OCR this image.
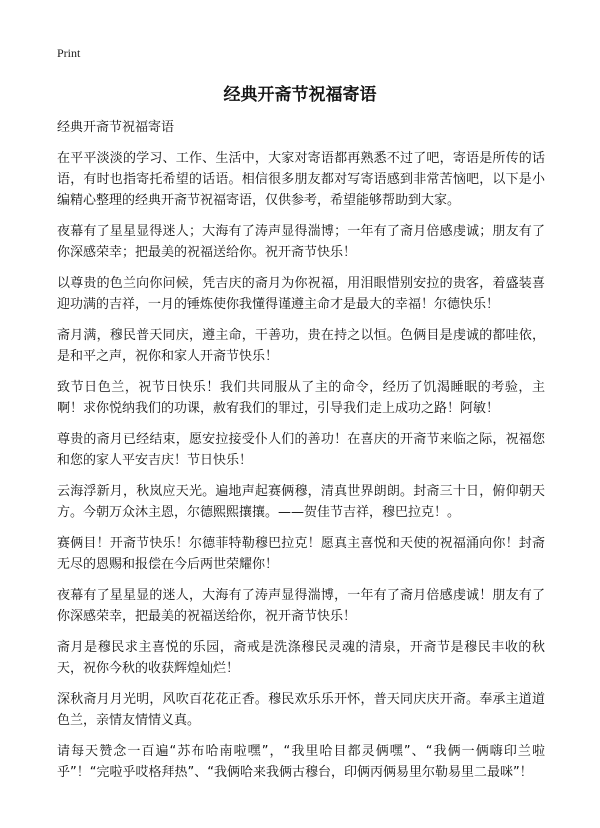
Print
经典开斋节祝福寄语

经典开斋节祝福寄语

在平平淡淡的学习、工作、生活中，大家对寄语都再熟悉不过了吧，寄语是所传的话语，有时也指寄托希望的话语。相信很多朋友都对写寄语感到非常苦恼吧，以下是小编精心整理的经典开斋节祝福寄语，仅供参考，希望能够帮助到大家。

夜幕有了星星显得迷人；大海有了涛声显得湍博；一年有了斋月倍感虔诚；朋友有了你深感荣幸；把最美的祝福送给你。祝开斋节快乐！

以尊贵的色兰向你问候，凭吉庆的斋月为你祝福，用泪眼惜别安拉的贵客，着盛装喜迎功满的吉祥，一月的锤炼使你我懂得谨遵主命才是最大的幸福！尔德快乐！

斋月满，穆民普天同庆，遵主命，干善功，贵在持之以恒。色俩目是虔诚的都哇依，是和平之声，祝你和家人开斋节快乐！

致节日色兰，祝节日快乐！我们共同服从了主的命令，经历了饥渴睡眠的考验，主啊！求你悦纳我们的功课，赦宥我们的罪过，引导我们走上成功之路！阿敏！

尊贵的斋月已经结束，愿安拉接受仆人们的善功！在喜庆的开斋节来临之际，祝福您和您的家人平安吉庆！节日快乐！

云海浮新月，秋岚应天光。遍地声起赛俩穆，清真世界朗朗。封斋三十日，俯仰朝天方。今朝万众沐主恩，尔德熙熙攘攘。——贺佳节吉祥，穆巴拉克！。

赛俩目！开斋节快乐！尔德菲特勒穆巴拉克！愿真主喜悦和天使的祝福涌向你！封斋无尽的恩赐和报偿在今后两世荣耀你！

夜幕有了星星显的迷人，大海有了涛声显得湍博，一年有了斋月倍感虔诚！朋友有了你深感荣幸，把最美的祝福送给你，祝开斋节快乐！

斋月是穆民求主喜悦的乐园，斋戒是洗涤穆民灵魂的清泉，开斋节是穆民丰收的秋天，祝你今秋的收获辉煌灿烂！

深秋斋月月光明，风吹百花花正香。穆民欢乐乐开怀，普天同庆庆开斋。奉承主道道色兰，亲情友情情义真。

请每天赞念一百遍“苏布哈南啦嘿”，“我里哈目都灵俩嘿”、“我俩一俩嗨印兰啦乎”！“完啦乎哎格拜热”、“我俩哈来我俩古穆台，印俩丙俩易里尔勒易里二最咪”！
